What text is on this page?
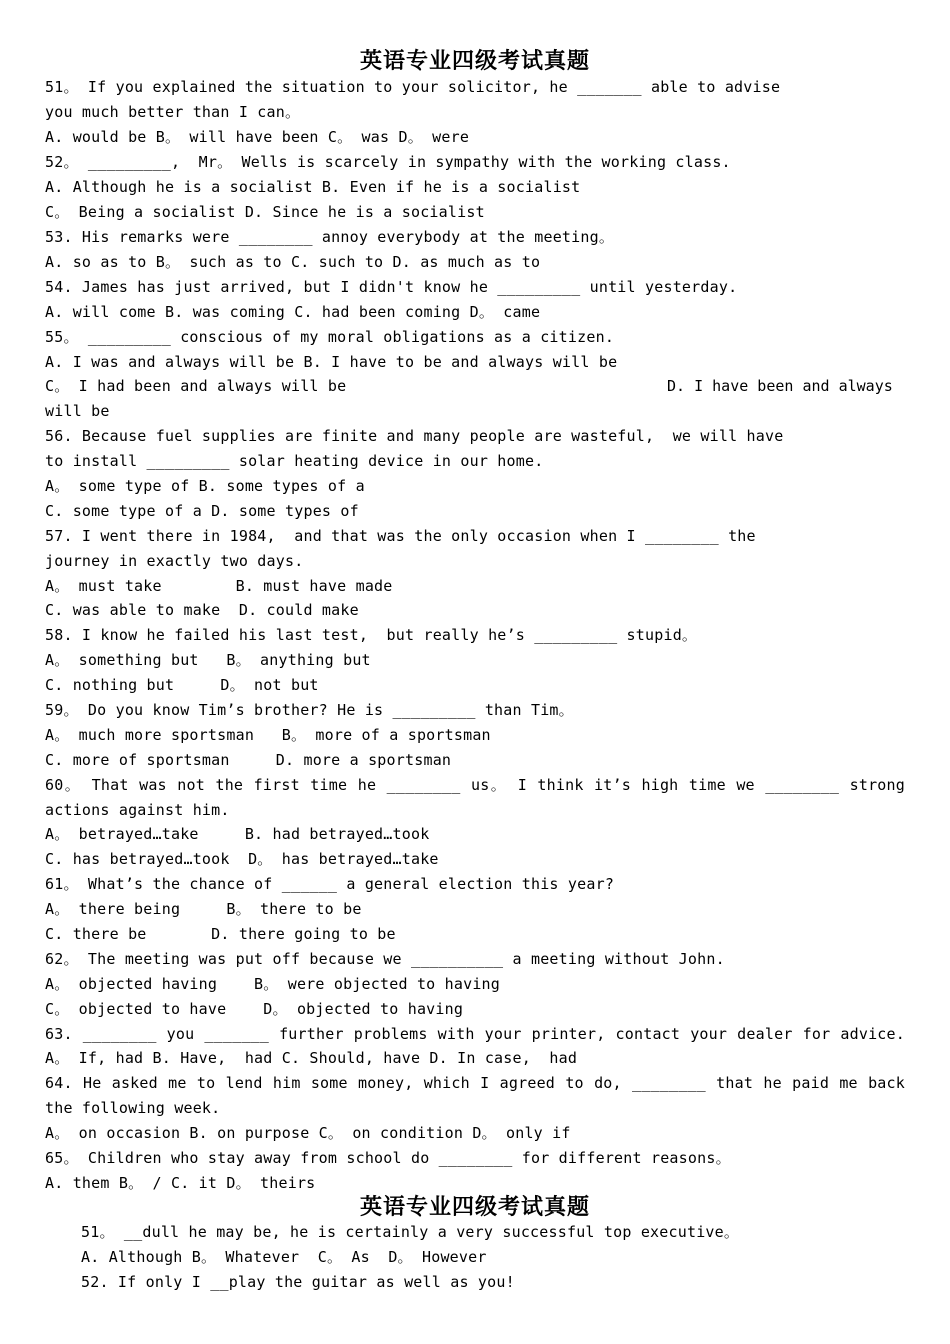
英语专业四级考试真题
51。 If you explained the situation to your solicitor, he _______ able to advise
you much better than I can。
A. would be B。 will have been C。 was D。 were
52。 _________,  Mr。 Wells is scarcely in sympathy with the working class.
A. Although he is a socialist B. Even if he is a socialist
C。 Being a socialist D. Since he is a socialist
53. His remarks were ________ annoy everybody at the meeting。
A. so as to B。 such as to C. such to D. as much as to
54. James has just arrived, but I didn't know he _________ until yesterday.
A. will come B. was coming C. had been coming D。 came
55。 _________ conscious of my moral obligations as a citizen.
A. I was and always will be B. I have to be and always will be
C。 I had been and always will be	D. I have been and always
will be
56. Because fuel supplies are finite and many people are wasteful,  we will have
to install _________ solar heating device in our home.
A。 some type of B. some types of a
C. some type of a D. some types of
57. I went there in 1984,  and that was the only occasion when I ________ the
journey in exactly two days.
A。 must take        B. must have made
C. was able to make  D. could make
58. I know he failed his last test,  but really he’s _________ stupid。
A。 something but   B。 anything but
C. nothing but     D。 not but
59。 Do you know Tim’s brother? He is _________ than Tim。
A。 much more sportsman   B。 more of a sportsman
C. more of sportsman     D. more a sportsman
60。 That was not the first time he ________ us。 I think it’s high time we ________ strong
actions against him.
A。 betrayed…take     B. had betrayed…took
C. has betrayed…took  D。 has betrayed…take
61。 What’s the chance of ______ a general election this year?
A。 there being     B。 there to be
C. there be       D. there going to be
62。 The meeting was put off because we __________ a meeting without John.
A。 objected having    B。 were objected to having
C。 objected to have    D。 objected to having
63. ________ you _______ further problems with your printer, contact your dealer for advice.
A。 If, had B. Have,  had C. Should, have D. In case,  had
64. He asked me to lend him some money, which I agreed to do, ________ that he paid me back
the following week.
A。 on occasion B. on purpose C。 on condition D。 only if
65。 Children who stay away from school do ________ for different reasons。
A. them B。 / C. it D。 theirs
英语专业四级考试真题
51。 __dull he may be, he is certainly a very successful top executive。
A. Although B。 Whatever  C。 As  D。 However
52. If only I __play the guitar as well as you!
